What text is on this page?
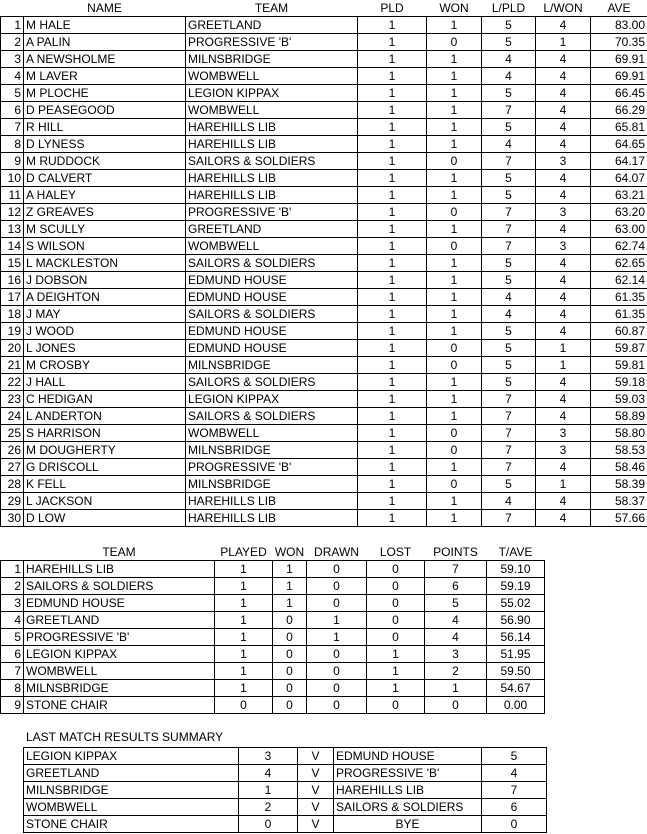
	NAME	TEAM	PLD	WON	L/PLD	L/WON	AVE
1	M HALE	GREETLAND	1	1	5	4	83.00
2	A PALIN	PROGRESSIVE 'B'	1	0	5	1	70.35
3	A NEWSHOLME	MILNSBRIDGE	1	1	4	4	69.91
4	M LAVER	WOMBWELL	1	1	4	4	69.91
5	M PLOCHE	LEGION KIPPAX	1	1	5	4	66.45
6	D PEASEGOOD	WOMBWELL	1	1	7	4	66.29
7	R HILL	HAREHILLS LIB	1	1	5	4	65.81
8	D LYNESS	HAREHILLS LIB	1	1	4	4	64.65
9	M RUDDOCK	SAILORS & SOLDIERS	1	0	7	3	64.17
10	D CALVERT	HAREHILLS LIB	1	1	5	4	64.07
11	A HALEY	HAREHILLS LIB	1	1	5	4	63.21
12	Z GREAVES	PROGRESSIVE 'B'	1	0	7	3	63.20
13	M SCULLY	GREETLAND	1	1	7	4	63.00
14	S WILSON	WOMBWELL	1	0	7	3	62.74
15	L MACKLESTON	SAILORS & SOLDIERS	1	1	5	4	62.65
16	J DOBSON	EDMUND HOUSE	1	1	5	4	62.14
17	A DEIGHTON	EDMUND HOUSE	1	1	4	4	61.35
18	J MAY	SAILORS & SOLDIERS	1	1	4	4	61.35
19	J WOOD	EDMUND HOUSE	1	1	5	4	60.87
20	L JONES	EDMUND HOUSE	1	0	5	1	59.87
21	M CROSBY	MILNSBRIDGE	1	0	5	1	59.81
22	J HALL	SAILORS & SOLDIERS	1	1	5	4	59.18
23	C HEDIGAN	LEGION KIPPAX	1	1	7	4	59.03
24	L ANDERTON	SAILORS & SOLDIERS	1	1	7	4	58.89
25	S HARRISON	WOMBWELL	1	0	7	3	58.80
26	M DOUGHERTY	MILNSBRIDGE	1	0	7	3	58.53
27	G DRISCOLL	PROGRESSIVE 'B'	1	1	7	4	58.46
28	K FELL	MILNSBRIDGE	1	0	5	1	58.39
29	L JACKSON	HAREHILLS LIB	1	1	4	4	58.37
30	D LOW	HAREHILLS LIB	1	1	7	4	57.66
	TEAM	PLAYED	WON	DRAWN	LOST	POINTS	T/AVE
1	HAREHILLS LIB	1	1	0	0	7	59.10
2	SAILORS & SOLDIERS	1	1	0	0	6	59.19
3	EDMUND HOUSE	1	1	0	0	5	55.02
4	GREETLAND	1	0	1	0	4	56.90
5	PROGRESSIVE 'B'	1	0	1	0	4	56.14
6	LEGION KIPPAX	1	0	0	1	3	51.95
7	WOMBWELL	1	0	0	1	2	59.50
8	MILNSBRIDGE	1	0	0	1	1	54.67
9	STONE CHAIR	0	0	0	0	0	0.00
LAST MATCH RESULTS SUMMARY
LEGION KIPPAX	3	V	EDMUND HOUSE	5
GREETLAND	4	V	PROGRESSIVE 'B'	4
MILNSBRIDGE	1	V	HAREHILLS LIB	7
WOMBWELL	2	V	SAILORS & SOLDIERS	6
STONE CHAIR	0	V	BYE	0
